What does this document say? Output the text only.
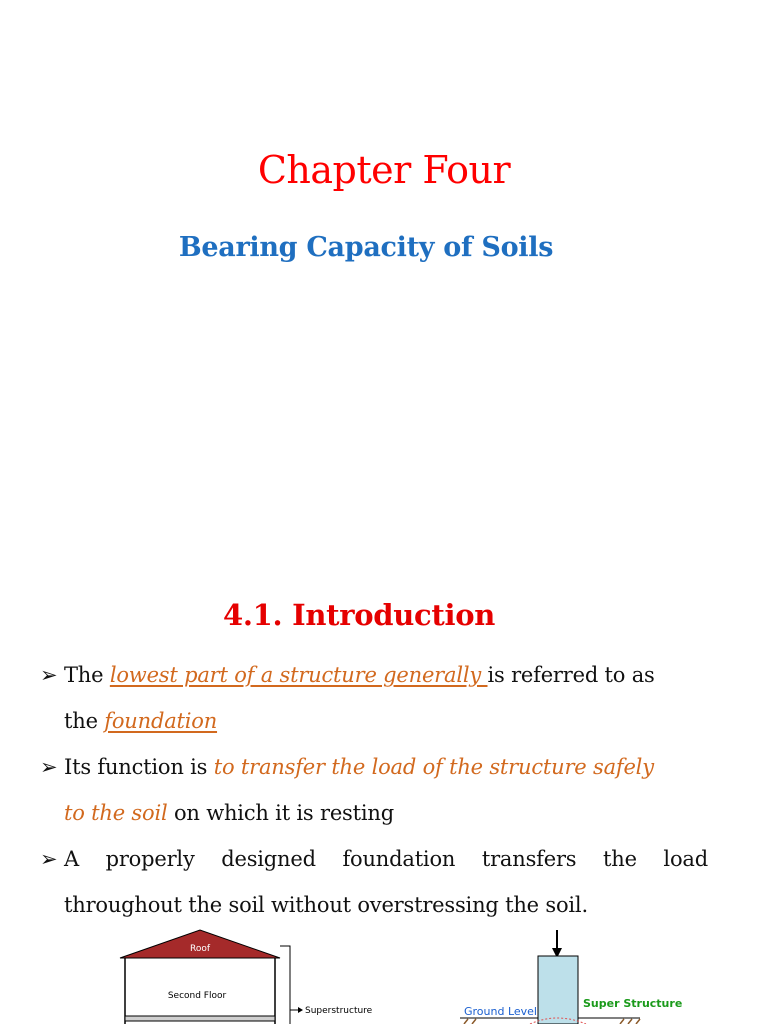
Chapter Four
Bearing Capacity of Soils
4.1. Introduction
➢ The lowest part of a structure generally is referred to as
the foundation
➢ Its function is to transfer the load of the structure safely
to the soil on which it is resting
➢ A properly designed foundation transfers the load
throughout the soil without overstressing the soil.
Roof
Second Floor
Superstructure	Ground Level
Super Structure
